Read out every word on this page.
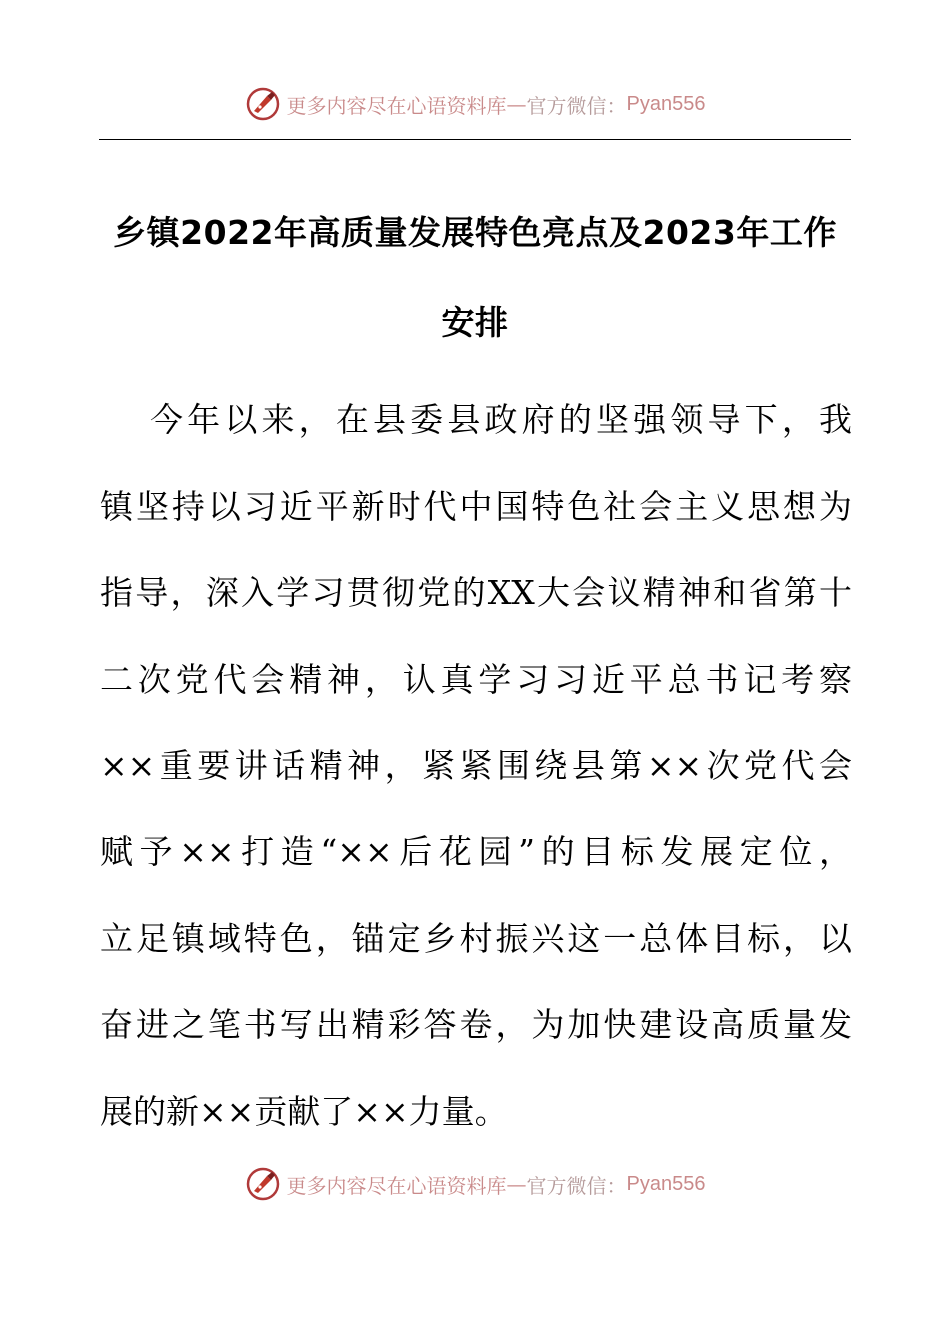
更多内容尽在心语资料库 — 官方微信： Pyan556
乡镇2022年高质量发展特色亮点及2023年工作
安排
今年以来，在县委县政府的坚强领导下，我
镇坚持以习近平新时代中国特色社会主义思想为
指导，深入学习贯彻党的XX大会议精神和省第十
二次党代会精神，认真学习习近平总书记考察
××重要讲话精神，紧紧围绕县第××次党代会
赋予××打造“××后花园”的目标发展定位，
立足镇域特色，锚定乡村振兴这一总体目标，以
奋进之笔书写出精彩答卷，为加快建设高质量发
展的新××贡献了××力量。
更多内容尽在心语资料库 — 官方微信： Pyan556
